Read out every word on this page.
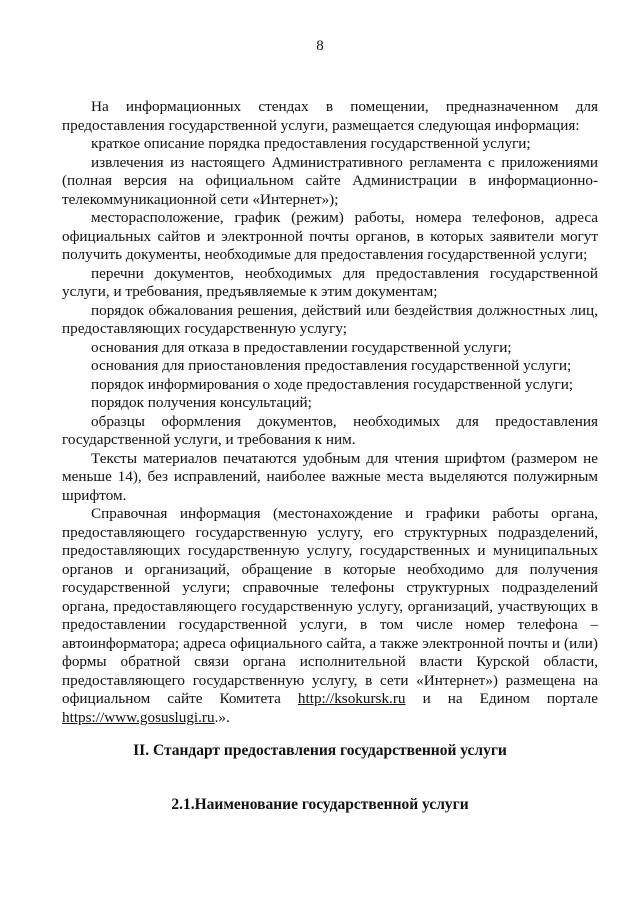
8

На информационных стендах в помещении, предназначенном для предоставления государственной услуги, размещается следующая информация:

краткое описание порядка предоставления государственной услуги;

извлечения из настоящего Административного регламента с приложениями (полная версия на официальном сайте Администрации в информационно-телекоммуникационной сети «Интернет»);

месторасположение, график (режим) работы, номера телефонов, адреса официальных сайтов и электронной почты органов, в которых заявители могут получить документы, необходимые для предоставления государственной услуги;

перечни документов, необходимых для предоставления государственной услуги, и требования, предъявляемые к этим документам;

порядок обжалования решения, действий или бездействия должностных лиц, предоставляющих государственную услугу;

основания для отказа в предоставлении государственной услуги;

основания для приостановления предоставления государственной услуги;

порядок информирования о ходе предоставления государственной услуги;

порядок получения консультаций;

образцы оформления документов, необходимых для предоставления государственной услуги, и требования к ним.

Тексты материалов печатаются удобным для чтения шрифтом (размером не меньше 14), без исправлений, наиболее важные места выделяются полужирным шрифтом.

Справочная информация (местонахождение и графики работы органа, предоставляющего государственную услугу, его структурных подразделений, предоставляющих государственную услугу, государственных и муниципальных органов и организаций, обращение в которые необходимо для получения государственной услуги; справочные телефоны структурных подразделений органа, предоставляющего государственную услугу, организаций, участвующих в предоставлении государственной услуги, в том числе номер телефона – автоинформатора; адреса официального сайта, а также электронной почты и (или) формы обратной связи органа исполнительной власти Курской области, предоставляющего государственную услугу, в сети «Интернет») размещена на официальном сайте Комитета http://ksokursk.ru и на Едином портале https://www.gosuslugi.ru.».

II. Стандарт предоставления государственной услуги
2.1.Наименование государственной услуги
